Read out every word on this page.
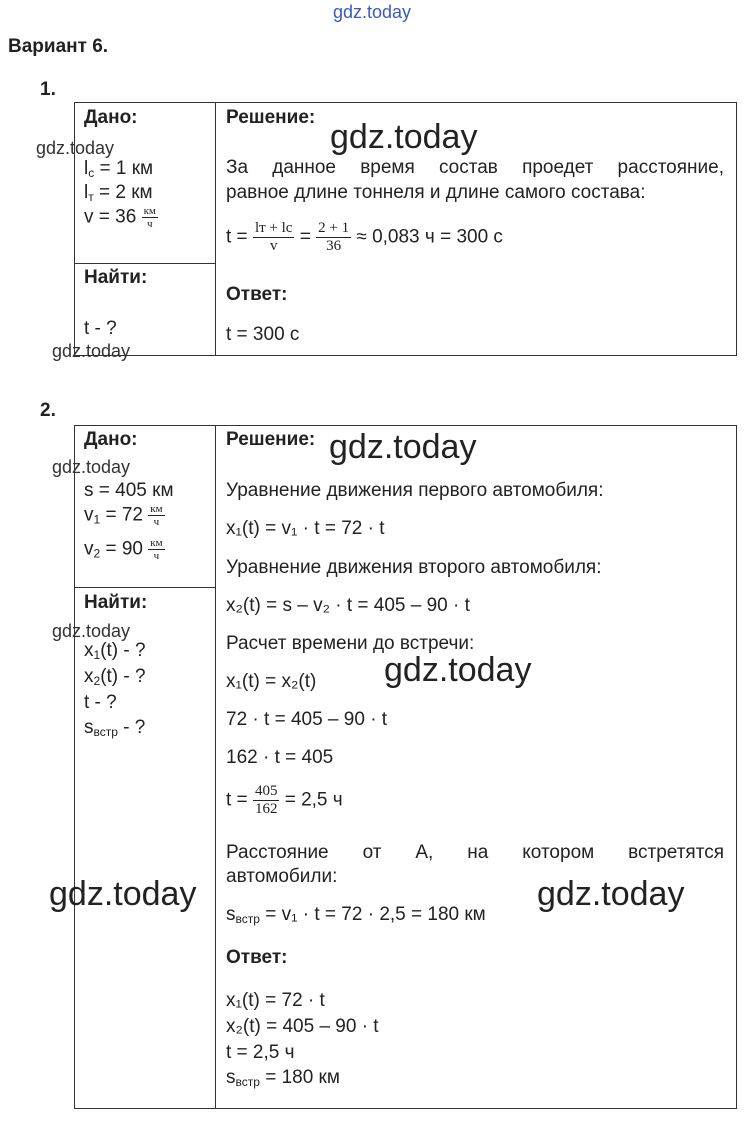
gdz.today
Вариант 6.
1.
Дано:
$l_с = 1$ км
$l_т = 2$ км
$v = 36 \frac{км}{ч}$
Найти:
t - ?
Решение:
За данное время состав проедет расстояние,
равное длине тоннеля и длине самого состава:
$t = \frac{lт + lс}{v} = \frac{2 + 1}{36} \approx 0,083$ ч = 300 с
Ответ:
t = 300 с
2.
Дано:
s = 405 км
$v_1 = 72 \frac{км}{ч}$
$v_2 = 90 \frac{км}{ч}$
Найти:
$x_1(t)$ - ?
$x_2(t)$ - ?
t - ?
$s_{встр}$ - ?
Решение:
Уравнение движения первого автомобиля:
x₁(t) = v₁ · t = 72 · t
Уравнение движения второго автомобиля:
x₂(t) = s – v₂ · t = 405 – 90 · t
Расчет времени до встречи:
x₁(t) = x₂(t)
72 · t = 405 – 90 · t
162 · t = 405
$t = \frac{405}{162} = 2,5$ ч
Расстояние от А, на котором встретятся
автомобили:
$s_{встр} = v_1 \cdot t = 72 \cdot 2,5 = 180$ км
Ответ:
x₁(t) = 72 · t
x₂(t) = 405 – 90 · t
t = 2,5 ч
$s_{встр} = 180$ км
gdz.today	gdz.today
gdz.today
gdz.today
gdz.today
gdz.today
gdz.today
gdz.today	gdz.today
